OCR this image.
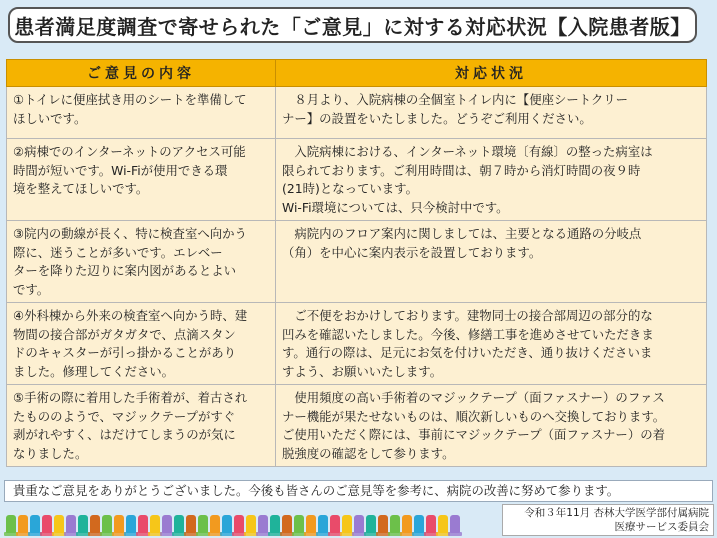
患者満足度調査で寄せられた「ご意見」に対する対応状況【入院患者版】
ご意見の内容	対応状況
①トイレに便座拭き用のシートを準備して
ほしいです。	　８月より、入院病棟の全個室トイレ内に【便座シートクリー
ナー】の設置をいたしました。どうぞご利用ください。
②病棟でのインターネットのアクセス可能
時間が短いです。Wi-Fiが使用できる環
境を整えてほしいです。	　入院病棟における、インターネット環境〔有線〕の整った病室は
限られております。ご利用時間は、朝７時から消灯時間の夜９時
(21時)となっています。
Wi-Fi環境については、只今検討中です。
③院内の動線が長く、特に検査室へ向かう
際に、迷うことが多いです。エレベー
ターを降りた辺りに案内図があるとよい
です。	　病院内のフロア案内に関しましては、主要となる通路の分岐点
（角）を中心に案内表示を設置しております。
④外科棟から外来の検査室へ向かう時、建
物間の接合部がガタガタで、点滴スタン
ドのキャスターが引っ掛かることがあり
ました。修理してください。	　ご不便をおかけしております。建物同士の接合部周辺の部分的な
凹みを確認いたしました。今後、修繕工事を進めさせていただきま
す。通行の際は、足元にお気を付けいただき、通り抜けくださいま
すよう、お願いいたします。
⑤手術の際に着用した手術着が、着古され
たもののようで、マジックテープがすぐ
剥がれやすく、はだけてしまうのが気に
なりました。	　使用頻度の高い手術着のマジックテープ（面ファスナー）のファス
ナー機能が果たせないものは、順次新しいものへ交換しております。
ご使用いただく際には、事前にマジックテープ（面ファスナー）の着
脱強度の確認をして参ります。
貴重なご意見をありがとうございました。今後も皆さんのご意見等を参考に、病院の改善に努めて参ります。
令和３年11月 杏林大学医学部付属病院
医療サービス委員会
